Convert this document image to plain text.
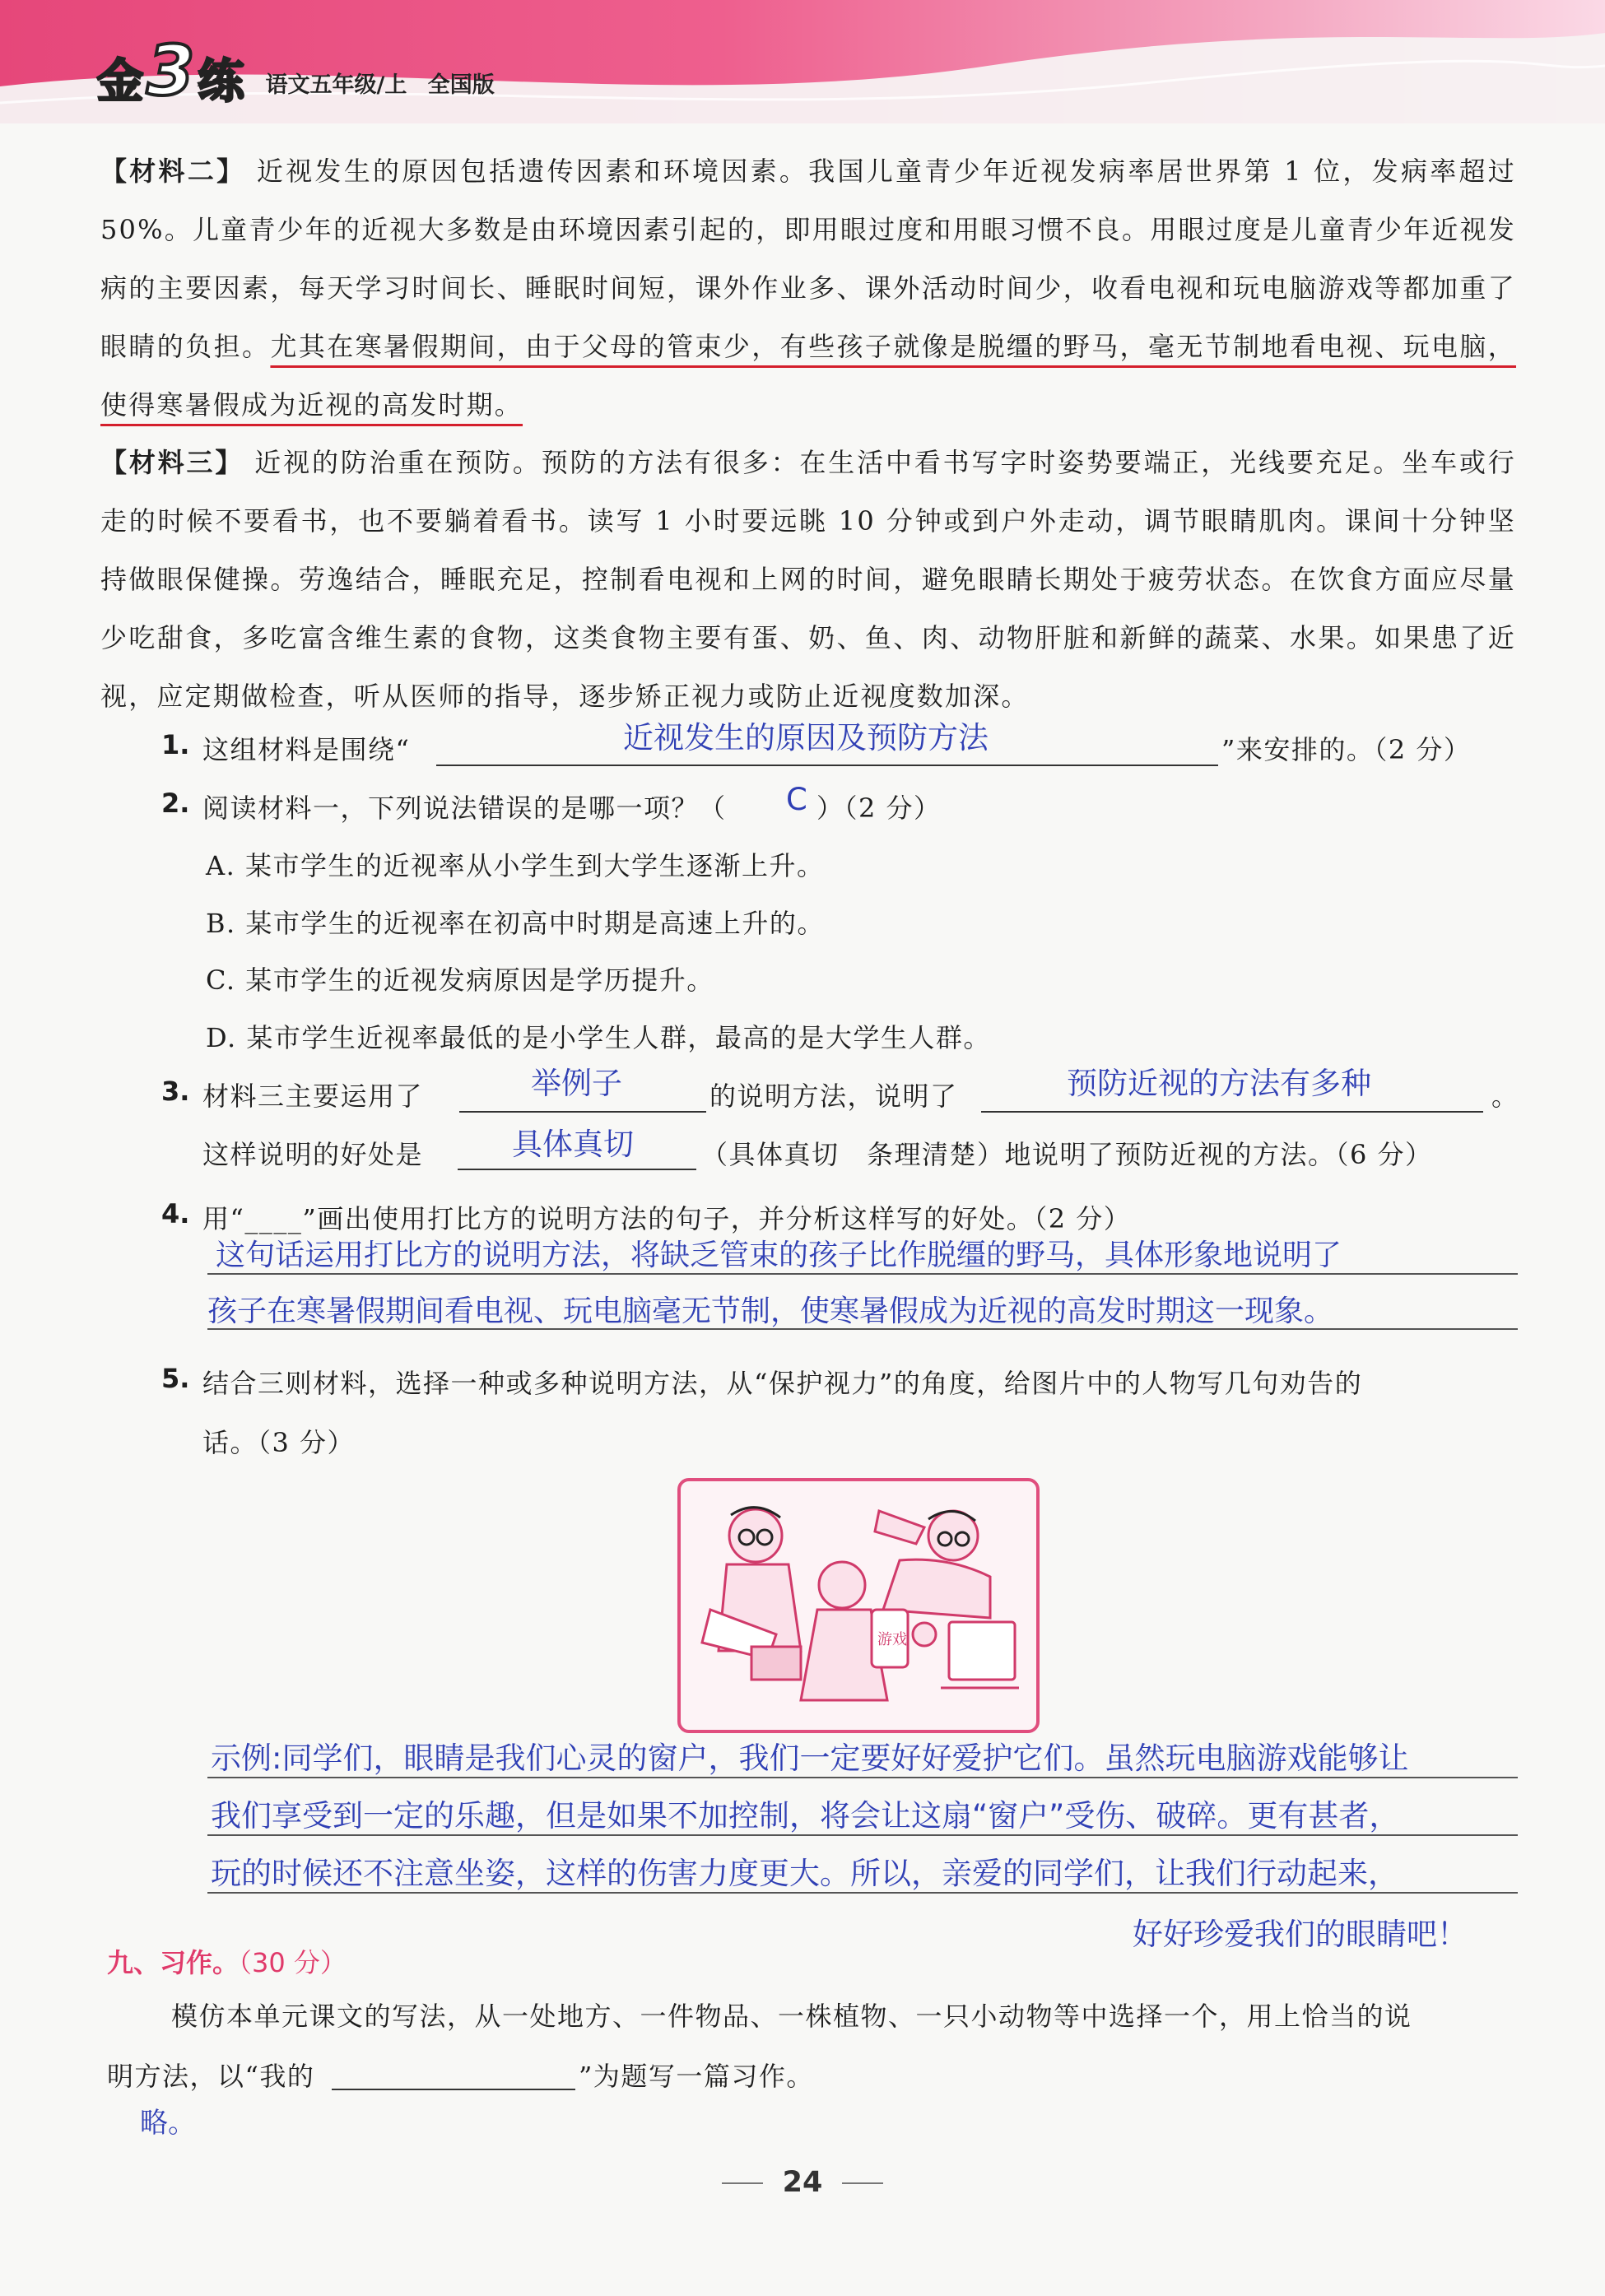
金 3 练 语文五年级/上 全国版
【材料二】 近视发生的原因包括遗传因素和环境因素。我国儿童青少年近视发病率居世界第 1 位，发病率超过 50%。儿童青少年的近视大多数是由环境因素引起的，即用眼过度和用眼习惯不良。用眼过度是儿童青少年近视发病的主要因素，每天学习时间长、睡眠时间短，课外作业多、课外活动时间少，收看电视和玩电脑游戏等都加重了眼睛的负担。尤其在寒暑假期间，由于父母的管束少，有些孩子就像是脱缰的野马，毫无节制地看电视、玩电脑，使得寒暑假成为近视的高发时期。
【材料三】 近视的防治重在预防。预防的方法有很多：在生活中看书写字时姿势要端正，光线要充足。坐车或行走的时候不要看书，也不要躺着看书。读写 1 小时要远眺 10 分钟或到户外走动，调节眼睛肌肉。课间十分钟坚持做眼保健操。劳逸结合，睡眠充足，控制看电视和上网的时间，避免眼睛长期处于疲劳状态。在饮食方面应尽量少吃甜食，多吃富含维生素的食物，这类食物主要有蛋、奶、鱼、肉、动物肝脏和新鲜的蔬菜、水果。如果患了近视，应定期做检查，听从医师的指导，逐步矫正视力或防止近视度数加深。
1. 这组材料是围绕“	近视发生的原因及预防方法	”来安排的。（2 分）
2. 阅读材料一，下列说法错误的是哪一项？（ C ）（2 分）
A. 某市学生的近视率从小学生到大学生逐渐上升。
B. 某市学生的近视率在初高中时期是高速上升的。
C. 某市学生的近视发病原因是学历提升。
D. 某市学生近视率最低的是小学生人群，最高的是大学生人群。
3. 材料三主要运用了	举例子	的说明方法，说明了	预防近视的方法有多种	。
这样说明的好处是	具体真切	（具体真切　条理清楚）地说明了预防近视的方法。（6 分）
4. 用“____”画出使用打比方的说明方法的句子，并分析这样写的好处。（2 分）
这句话运用打比方的说明方法，将缺乏管束的孩子比作脱缰的野马，具体形象地说明了
孩子在寒暑假期间看电视、玩电脑毫无节制，使寒暑假成为近视的高发时期这一现象。
5. 结合三则材料，选择一种或多种说明方法，从“保护视力”的角度，给图片中的人物写几句劝告的
话。（3 分）
游戏
示例:同学们，眼睛是我们心灵的窗户，我们一定要好好爱护它们。虽然玩电脑游戏能够让
我们享受到一定的乐趣，但是如果不加控制，将会让这扇“窗户”受伤、破碎。更有甚者，
玩的时候还不注意坐姿，这样的伤害力度更大。所以，亲爱的同学们，让我们行动起来，
好好珍爱我们的眼睛吧！
九、习作。（30 分）
模仿本单元课文的写法，从一处地方、一件物品、一株植物、一只小动物等中选择一个，用上恰当的说
明方法，以“我的	”为题写一篇习作。
略。
24
